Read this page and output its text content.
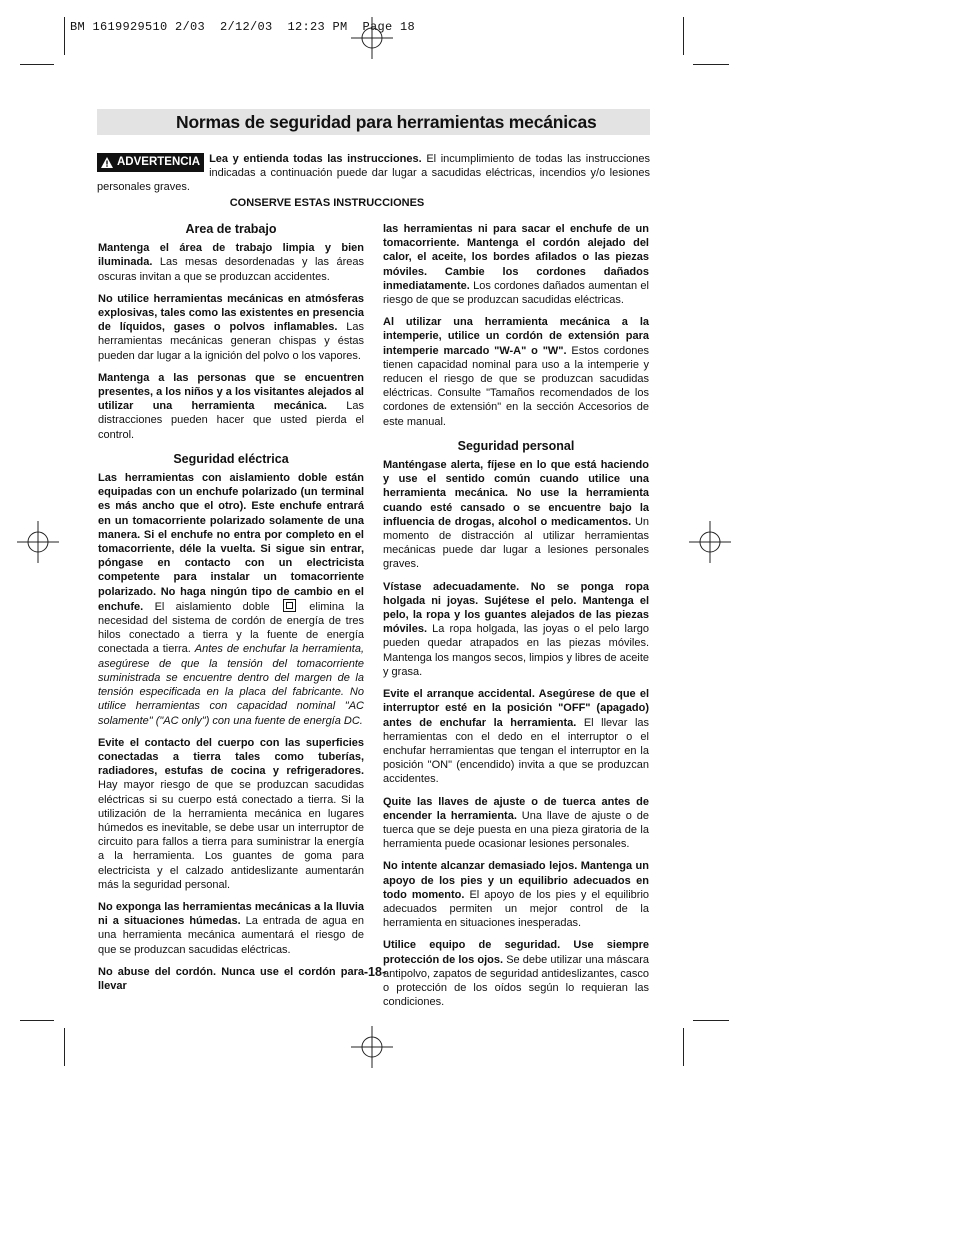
BM 1619929510 2/03  2/12/03  12:23 PM  Page 18
Normas de seguridad para herramientas mecánicas
ADVERTENCIA Lea y entienda todas las instrucciones. El incumplimiento de todas las instrucciones indicadas a continuación puede dar lugar a sacudidas eléctricas, incendios y/o lesiones personales graves.

CONSERVE ESTAS INSTRUCCIONES
Area de trabajo

Mantenga el área de trabajo limpia y bien iluminada. Las mesas desordenadas y las áreas oscuras invitan a que se produzcan accidentes.

No utilice herramientas mecánicas en atmósferas explosivas, tales como las existentes en presencia de líquidos, gases o polvos inflamables. Las herramientas mecánicas generan chispas y éstas pueden dar lugar a la ignición del polvo o los vapores.

Mantenga a las personas que se encuentren presentes, a los niños y a los visitantes alejados al utilizar una herramienta mecánica. Las distracciones pueden hacer que usted pierda el control.

Seguridad eléctrica

Las herramientas con aislamiento doble están equipadas con un enchufe polarizado (un terminal es más ancho que el otro). Este enchufe entrará en un tomacorriente polarizado solamente de una manera. Si el enchufe no entra por completo en el tomacorriente, déle la vuelta. Si sigue sin entrar, póngase en contacto con un electricista competente para instalar un tomacorriente polarizado. No haga ningún tipo de cambio en el enchufe. El aislamiento doble  elimina la necesidad del sistema de cordón de energía de tres hilos conectado a tierra y la fuente de energía conectada a tierra. Antes de enchufar la herramienta, asegúrese de que la tensión del tomacorriente suministrada se encuentre dentro del margen de la tensión especificada en la placa del fabricante. No utilice herramientas con capacidad nominal "AC solamente" ("AC only") con una fuente de energía DC.

Evite el contacto del cuerpo con las superficies conectadas a tierra tales como tuberías, radiadores, estufas de cocina y refrigeradores. Hay mayor riesgo de que se produzcan sacudidas eléctricas si su cuerpo está conectado a tierra. Si la utilización de la herramienta mecánica en lugares húmedos es inevitable, se debe usar un interruptor de circuito para fallos a tierra para suministrar la energía a la herramienta. Los guantes de goma para electricista y el calzado antideslizante aumentarán más la seguridad personal.

No exponga las herramientas mecánicas a la lluvia ni a situaciones húmedas. La entrada de agua en una herramienta mecánica aumentará el riesgo de que se produzcan sacudidas eléctricas.

No abuse del cordón. Nunca use el cordón para llevar

las herramientas ni para sacar el enchufe de un tomacorriente. Mantenga el cordón alejado del calor, el aceite, los bordes afilados o las piezas móviles. Cambie los cordones dañados inmediatamente. Los cordones dañados aumentan el riesgo de que se produzcan sacudidas eléctricas.

Al utilizar una herramienta mecánica a la intemperie, utilice un cordón de extensión para intemperie marcado "W-A" o "W". Estos cordones tienen capacidad nominal para uso a la intemperie y reducen el riesgo de que se produzcan sacudidas eléctricas. Consulte "Tamaños recomendados de los cordones de extensión" en la sección Accesorios de este manual.

Seguridad personal

Manténgase alerta, fíjese en lo que está haciendo y use el sentido común cuando utilice una herramienta mecánica. No use la herramienta cuando esté cansado o se encuentre bajo la influencia de drogas, alcohol o medicamentos. Un momento de distracción al utilizar herramientas mecánicas puede dar lugar a lesiones personales graves.

Vístase adecuadamente. No se ponga ropa holgada ni joyas. Sujétese el pelo. Mantenga el pelo, la ropa y los guantes alejados de las piezas móviles. La ropa holgada, las joyas o el pelo largo pueden quedar atrapados en las piezas móviles. Mantenga los mangos secos, limpios y libres de aceite y grasa.

Evite el arranque accidental. Asegúrese de que el interruptor esté en la posición "OFF" (apagado) antes de enchufar la herramienta. El llevar las herramientas con el dedo en el interruptor o el enchufar herramientas que tengan el interruptor en la posición "ON" (encendido) invita a que se produzcan accidentes.

Quite las llaves de ajuste o de tuerca antes de encender la herramienta. Una llave de ajuste o de tuerca que se deje puesta en una pieza giratoria de la herramienta puede ocasionar lesiones personales.

No intente alcanzar demasiado lejos. Mantenga un apoyo de los pies y un equilibrio adecuados en todo momento. El apoyo de los pies y el equilibrio adecuados permiten un mejor control de la herramienta en situaciones inesperadas.

Utilice equipo de seguridad. Use siempre protección de los ojos. Se debe utilizar una máscara antipolvo, zapatos de seguridad antideslizantes, casco o protección de los oídos según lo requieran las condiciones.

-18-
